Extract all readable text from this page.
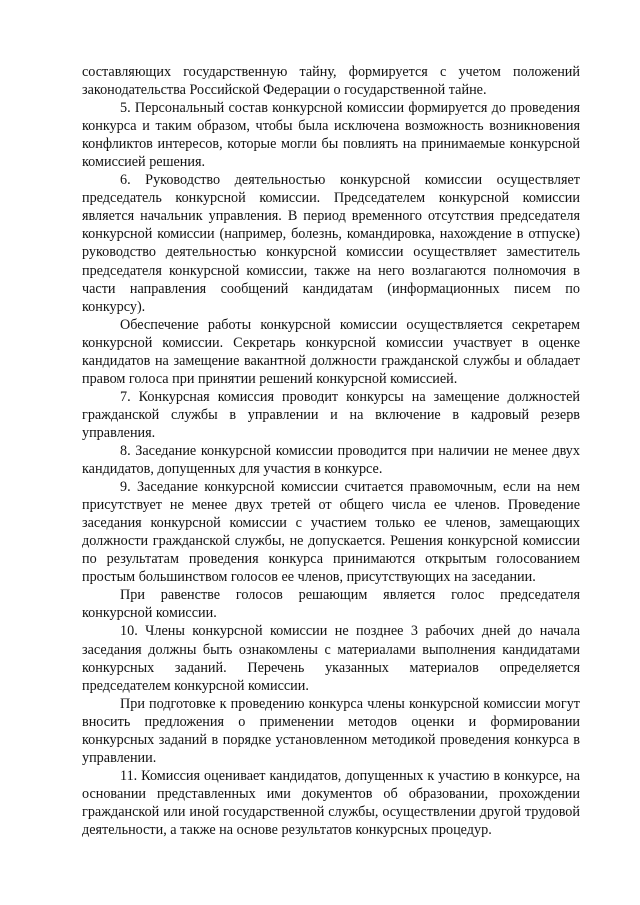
составляющих государственную тайну, формируется с учетом положений законодательства Российской Федерации о государственной тайне.

5. Персональный состав конкурсной комиссии формируется до проведения конкурса и таким образом, чтобы была исключена возможность возникновения конфликтов интересов, которые могли бы повлиять на принимаемые конкурсной комиссией решения.

6. Руководство деятельностью конкурсной комиссии осуществляет председатель конкурсной комиссии. Председателем конкурсной комиссии является начальник управления. В период временного отсутствия председателя конкурсной комиссии (например, болезнь, командировка, нахождение в отпуске) руководство деятельностью конкурсной комиссии осуществляет заместитель председателя конкурсной комиссии, также на него возлагаются полномочия в части направления сообщений кандидатам (информационных писем по конкурсу).

Обеспечение работы конкурсной комиссии осуществляется секретарем конкурсной комиссии. Секретарь конкурсной комиссии участвует в оценке кандидатов на замещение вакантной должности гражданской службы и обладает правом голоса при принятии решений конкурсной комиссией.

7. Конкурсная комиссия проводит конкурсы на замещение должностей гражданской службы в управлении и на включение в кадровый резерв управления.

8. Заседание конкурсной комиссии проводится при наличии не менее двух кандидатов, допущенных для участия в конкурсе.

9. Заседание конкурсной комиссии считается правомочным, если на нем присутствует не менее двух третей от общего числа ее членов. Проведение заседания конкурсной комиссии с участием только ее членов, замещающих должности гражданской службы, не допускается. Решения конкурсной комиссии по результатам проведения конкурса принимаются открытым голосованием простым большинством голосов ее членов, присутствующих на заседании.

При равенстве голосов решающим является голос председателя конкурсной комиссии.

10. Члены конкурсной комиссии не позднее 3 рабочих дней до начала заседания должны быть ознакомлены с материалами выполнения кандидатами конкурсных заданий. Перечень указанных материалов определяется председателем конкурсной комиссии.

При подготовке к проведению конкурса члены конкурсной комиссии могут вносить предложения о применении методов оценки и формировании конкурсных заданий в порядке установленном методикой проведения конкурса в управлении.

11. Комиссия оценивает кандидатов, допущенных к участию в конкурсе, на основании представленных ими документов об образовании, прохождении гражданской или иной государственной службы, осуществлении другой трудовой деятельности, а также на основе результатов конкурсных процедур.
